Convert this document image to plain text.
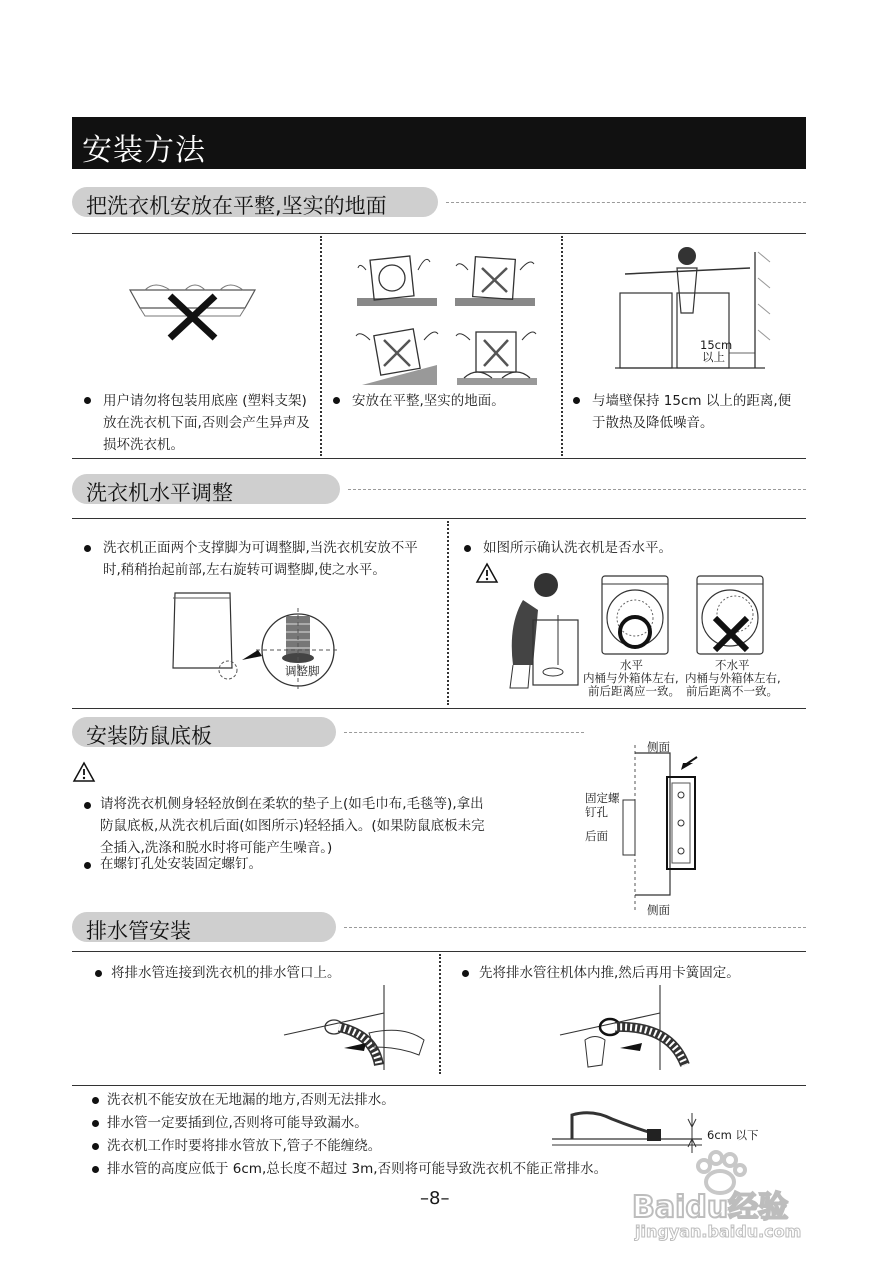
安装方法
把洗衣机安放在平整,坚实的地面
用户请勿将包装用底座 (塑料支架)放在洗衣机下面,否则会产生异声及损坏洗衣机。
安放在平整,坚实的地面。
15cm
以上
与墙壁保持 15cm 以上的距离,便于散热及降低噪音。
洗衣机水平调整
洗衣机正面两个支撑脚为可调整脚,当洗衣机安放不平时,稍稍抬起前部,左右旋转可调整脚,使之水平。
调整脚
如图所示确认洗衣机是否水平。
水平
内桶与外箱体左右,
前后距离应一致。
不水平
内桶与外箱体左右,
前后距离不一致。
安装防鼠底板
请将洗衣机侧身轻轻放倒在柔软的垫子上(如毛巾布,毛毯等),拿出防鼠底板,从洗衣机后面(如图所示)轻轻插入。(如果防鼠底板未完全插入,洗涤和脱水时将可能产生噪音。)
在螺钉孔处安装固定螺钉。
侧面
固定螺
钉孔
后面
侧面
排水管安装
将排水管连接到洗衣机的排水管口上。	先将排水管往机体内推,然后再用卡簧固定。
洗衣机不能安放在无地漏的地方,否则无法排水。
排水管一定要插到位,否则将可能导致漏水。
洗衣机工作时要将排水管放下,管子不能缠绕。
排水管的高度应低于 6cm,总长度不超过 3m,否则将可能导致洗衣机不能正常排水。
6cm 以下
–8–	Baidu经验
jingyan.baidu.com
